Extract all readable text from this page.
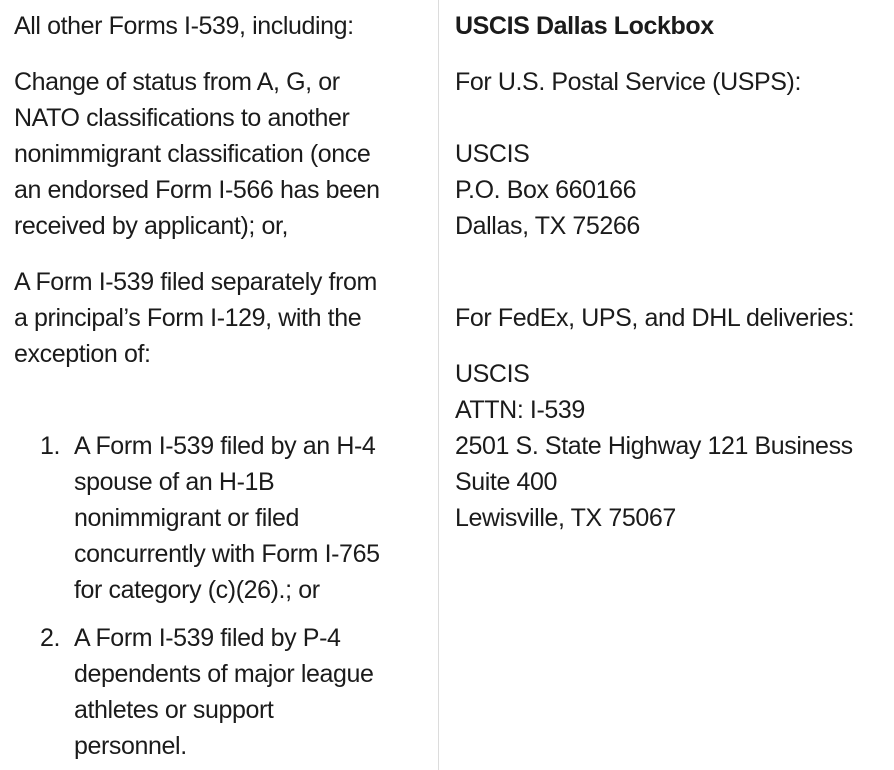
All other Forms I-539, including:

Change of status from A, G, or
NATO classifications to another
nonimmigrant classification (once
an endorsed Form I-566 has been
received by applicant); or,

A Form I-539 filed separately from
a principal’s Form I-129, with the
exception of:

1. A Form I-539 filed by an H-4
spouse of an H-1B
nonimmigrant or filed
concurrently with Form I-765
for category (c)(26).; or
2. A Form I-539 filed by P-4
dependents of major league
athletes or support
personnel.

USCIS Dallas Lockbox

For U.S. Postal Service (USPS):

USCIS
P.O. Box 660166
Dallas, TX 75266

For FedEx, UPS, and DHL deliveries:

USCIS
ATTN: I-539
2501 S. State Highway 121 Business
Suite 400
Lewisville, TX 75067
